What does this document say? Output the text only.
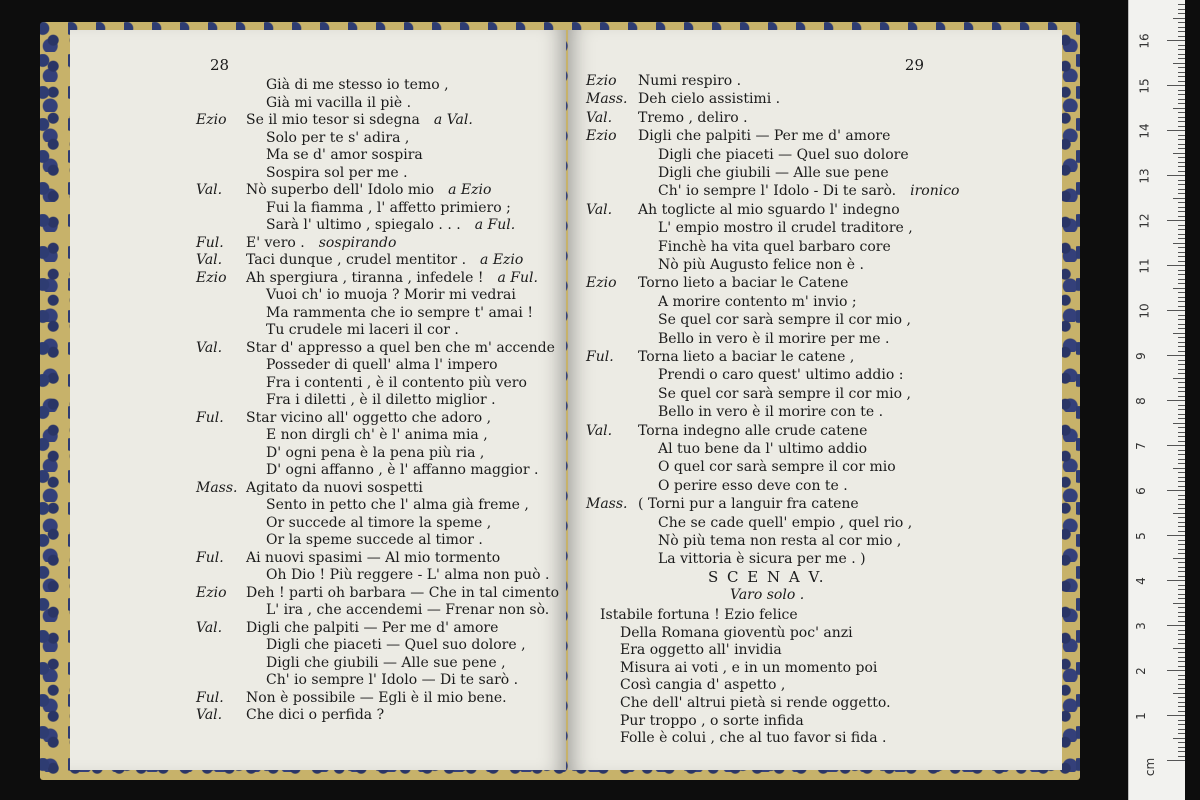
28
Già di me stesso io temo ,
Già mi vacilla il piè .
Ezio Se il mio tesor si sdegna a Val.
Solo per te s' adira ,
Ma se d' amor sospira
Sospira sol per me .
Val. Nò superbo dell' Idolo mio a Ezio
Fui la fiamma , l' affetto primiero ;
Sarà l' ultimo , spiegalo . . . a Ful.
Ful. E' vero . sospirando
Val. Taci dunque , crudel mentitor . a Ezio
Ezio Ah spergiura , tiranna , infedele ! a Ful.
Vuoi ch' io muoja ? Morir mi vedrai
Ma rammenta che io sempre t' amai !
Tu crudele mi laceri il cor .
Val. Star d' appresso a quel ben che m' accende
Posseder di quell' alma l' impero
Fra i contenti , è il contento più vero
Fra i diletti , è il diletto miglior .
Ful. Star vicino all' oggetto che adoro ,
E non dirgli ch' è l' anima mia ,
D' ogni pena è la pena più ria ,
D' ogni affanno , è l' affanno maggior .
Mass. Agitato da nuovi sospetti
Sento in petto che l' alma già freme ,
Or succede al timore la speme ,
Or la speme succede al timor .
Ful. Ai nuovi spasimi — Al mio tormento
Oh Dio ! Più reggere - L' alma non può .
Ezio Deh ! parti oh barbara — Che in tal cimento
L' ira , che accendemi — Frenar non sò.
Val. Digli che palpiti — Per me d' amore
Digli che piaceti — Quel suo dolore ,
Digli che giubili — Alle sue pene ,
Ch' io sempre l' Idolo — Di te sarò .
Ful. Non è possibile — Egli è il mio bene.
Val. Che dici o perfida ?
29
Ezio Numi respiro .
Mass. Deh cielo assistimi .
Val. Tremo , deliro .
Ezio Digli che palpiti — Per me d' amore
Digli che piaceti — Quel suo dolore
Digli che giubili — Alle sue pene
Ch' io sempre l' Idolo - Di te sarò. ironico
Val. Ah toglicte al mio sguardo l' indegno
L' empio mostro il crudel traditore ,
Finchè ha vita quel barbaro core
Nò più Augusto felice non è .
Ezio Torno lieto a baciar le Catene
A morire contento m' invio ;
Se quel cor sarà sempre il cor mio ,
Bello in vero è il morire per me .
Ful. Torna lieto a baciar le catene ,
Prendi o caro quest' ultimo addio :
Se quel cor sarà sempre il cor mio ,
Bello in vero è il morire con te .
Val. Torna indegno alle crude catene
Al tuo bene da l' ultimo addio
O quel cor sarà sempre il cor mio
O perire esso deve con te .
Mass. ( Torni pur a languir fra catene
Che se cade quell' empio , quel rio ,
Nò più tema non resta al cor mio ,
La vittoria è sicura per me . )
S C E N A V.
Varo solo .
Istabile fortuna ! Ezio felice
Della Romana gioventù poc' anzi
Era oggetto all' invidia
Misura ai voti , e in un momento poi
Così cangia d' aspetto ,
Che dell' altrui pietà si rende oggetto.
Pur troppo , o sorte infida
Folle è colui , che al tuo favor si fida .
1
2
3
4
5
6
7
8
9
10
11
12
13
14
15
16
cm
